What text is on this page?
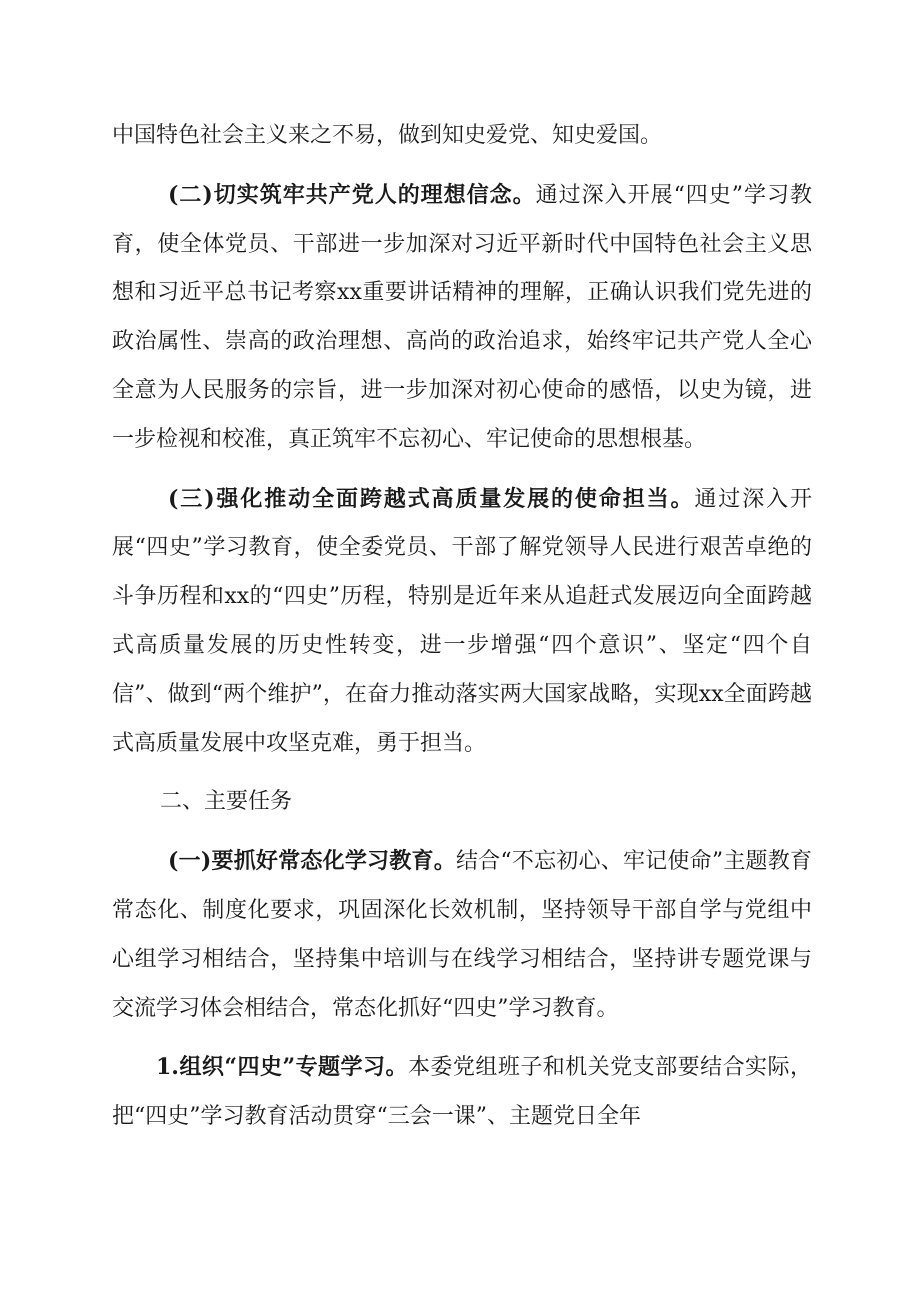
中国特色社会主义来之不易，做到知史爱党、知史爱国。

(二)切实筑牢共产党人的理想信念。通过深入开展“四史”学习教育，使全体党员、干部进一步加深对习近平新时代中国特色社会主义思想和习近平总书记考察xx重要讲话精神的理解，正确认识我们党先进的政治属性、崇高的政治理想、高尚的政治追求，始终牢记共产党人全心全意为人民服务的宗旨，进一步加深对初心使命的感悟，以史为镜，进一步检视和校准，真正筑牢不忘初心、牢记使命的思想根基。

(三)强化推动全面跨越式高质量发展的使命担当。通过深入开展“四史”学习教育，使全委党员、干部了解党领导人民进行艰苦卓绝的斗争历程和xx的“四史”历程，特别是近年来从追赶式发展迈向全面跨越式高质量发展的历史性转变，进一步增强“四个意识”、坚定“四个自信”、做到“两个维护”，在奋力推动落实两大国家战略，实现xx全面跨越式高质量发展中攻坚克难，勇于担当。

二、主要任务

(一)要抓好常态化学习教育。结合“不忘初心、牢记使命”主题教育常态化、制度化要求，巩固深化长效机制，坚持领导干部自学与党组中心组学习相结合，坚持集中培训与在线学习相结合，坚持讲专题党课与交流学习体会相结合，常态化抓好“四史”学习教育。

1.组织“四史”专题学习。本委党组班子和机关党支部要结合实际，把“四史”学习教育活动贯穿“三会一课”、主题党日全年
